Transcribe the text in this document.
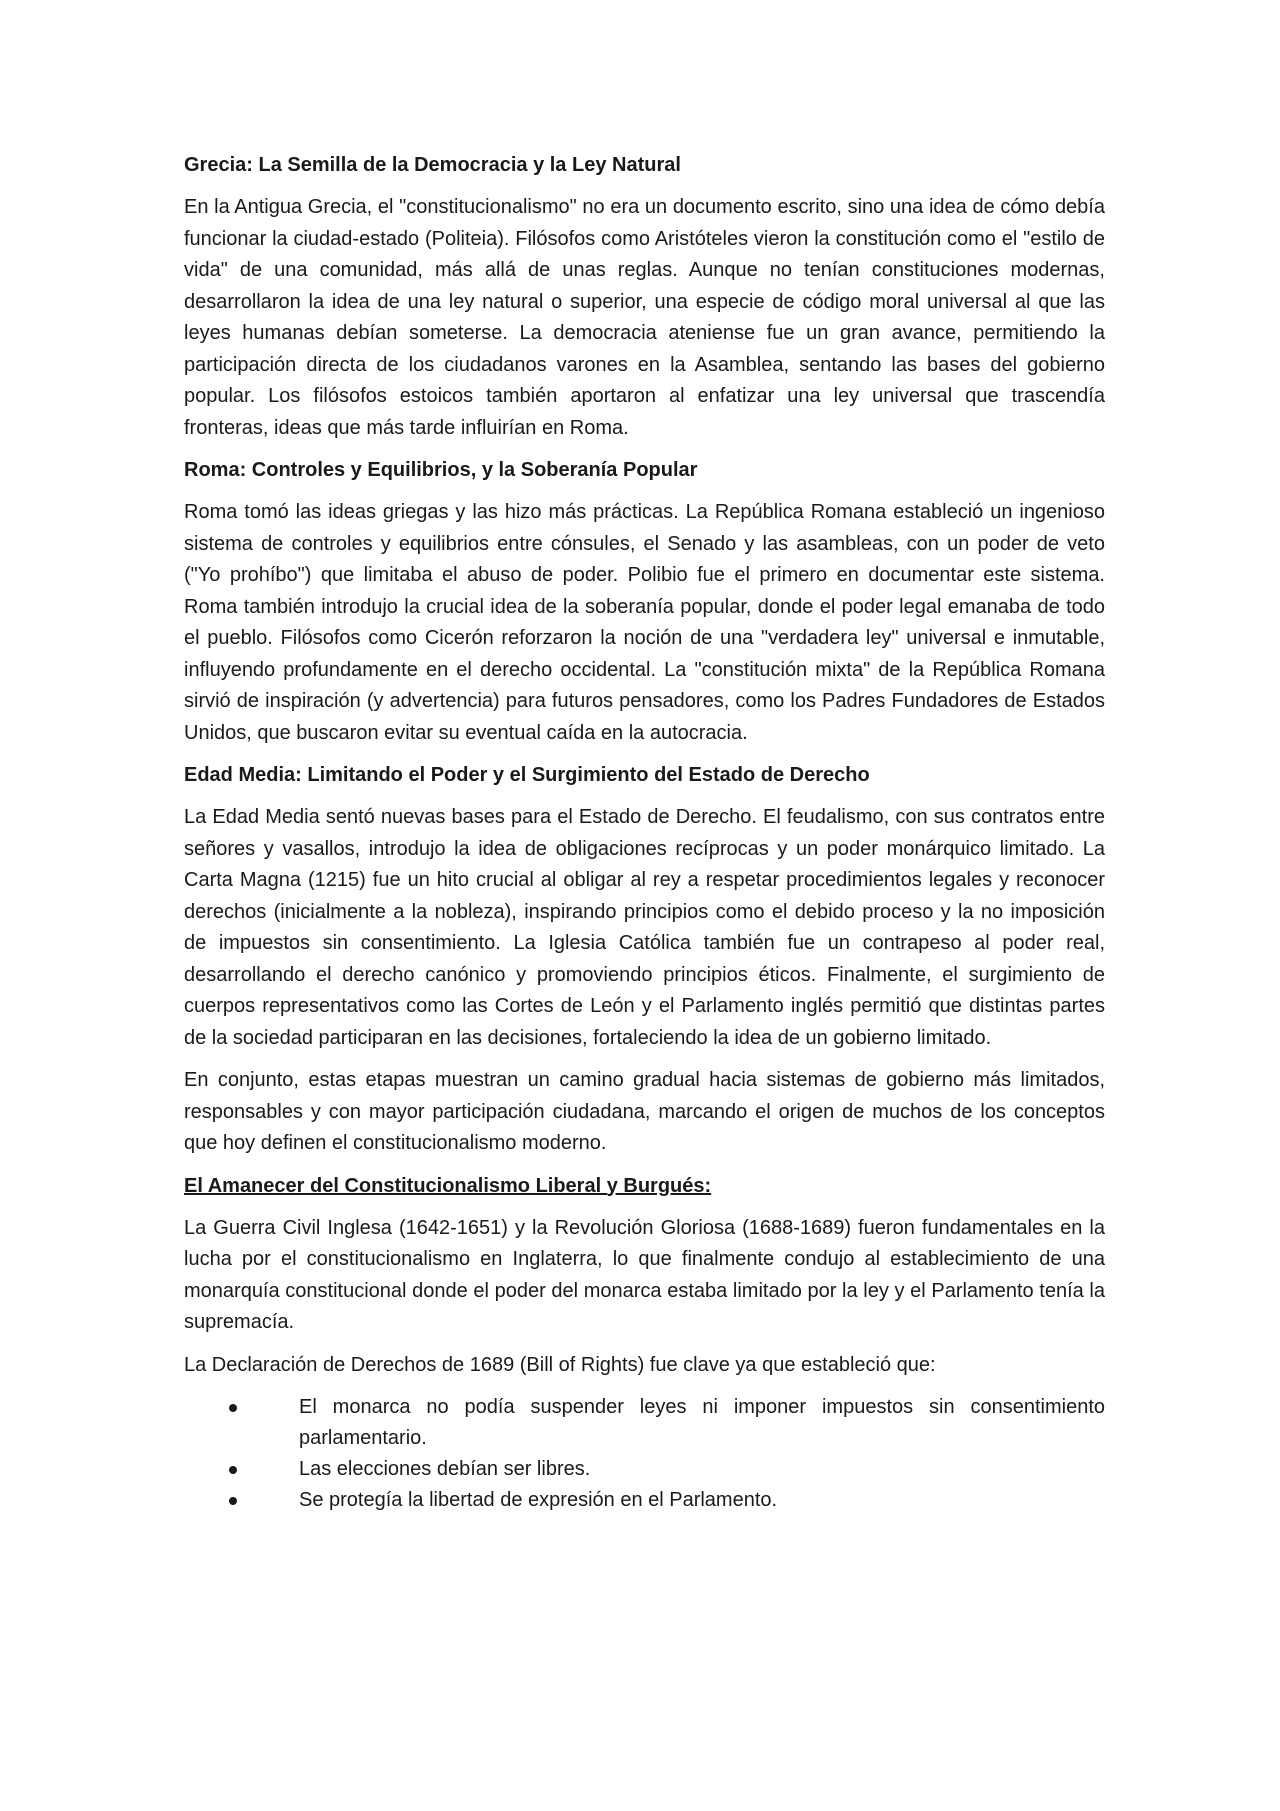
Grecia: La Semilla de la Democracia y la Ley Natural

En la Antigua Grecia, el "constitucionalismo" no era un documento escrito, sino una idea de cómo debía funcionar la ciudad-estado (Politeia). Filósofos como Aristóteles vieron la constitución como el "estilo de vida" de una comunidad, más allá de unas reglas. Aunque no tenían constituciones modernas, desarrollaron la idea de una ley natural o superior, una especie de código moral universal al que las leyes humanas debían someterse. La democracia ateniense fue un gran avance, permitiendo la participación directa de los ciudadanos varones en la Asamblea, sentando las bases del gobierno popular. Los filósofos estoicos también aportaron al enfatizar una ley universal que trascendía fronteras, ideas que más tarde influirían en Roma.

Roma: Controles y Equilibrios, y la Soberanía Popular

Roma tomó las ideas griegas y las hizo más prácticas. La República Romana estableció un ingenioso sistema de controles y equilibrios entre cónsules, el Senado y las asambleas, con un poder de veto ("Yo prohíbo") que limitaba el abuso de poder. Polibio fue el primero en documentar este sistema. Roma también introdujo la crucial idea de la soberanía popular, donde el poder legal emanaba de todo el pueblo. Filósofos como Cicerón reforzaron la noción de una "verdadera ley" universal e inmutable, influyendo profundamente en el derecho occidental. La "constitución mixta" de la República Romana sirvió de inspiración (y advertencia) para futuros pensadores, como los Padres Fundadores de Estados Unidos, que buscaron evitar su eventual caída en la autocracia.

Edad Media: Limitando el Poder y el Surgimiento del Estado de Derecho

La Edad Media sentó nuevas bases para el Estado de Derecho. El feudalismo, con sus contratos entre señores y vasallos, introdujo la idea de obligaciones recíprocas y un poder monárquico limitado. La Carta Magna (1215) fue un hito crucial al obligar al rey a respetar procedimientos legales y reconocer derechos (inicialmente a la nobleza), inspirando principios como el debido proceso y la no imposición de impuestos sin consentimiento. La Iglesia Católica también fue un contrapeso al poder real, desarrollando el derecho canónico y promoviendo principios éticos. Finalmente, el surgimiento de cuerpos representativos como las Cortes de León y el Parlamento inglés permitió que distintas partes de la sociedad participaran en las decisiones, fortaleciendo la idea de un gobierno limitado.

En conjunto, estas etapas muestran un camino gradual hacia sistemas de gobierno más limitados, responsables y con mayor participación ciudadana, marcando el origen de muchos de los conceptos que hoy definen el constitucionalismo moderno.

El Amanecer del Constitucionalismo Liberal y Burgués:

La Guerra Civil Inglesa (1642-1651) y la Revolución Gloriosa (1688-1689) fueron fundamentales en la lucha por el constitucionalismo en Inglaterra, lo que finalmente condujo al establecimiento de una monarquía constitucional donde el poder del monarca estaba limitado por la ley y el Parlamento tenía la supremacía.

La Declaración de Derechos de 1689 (Bill of Rights) fue clave ya que estableció que:

El monarca no podía suspender leyes ni imponer impuestos sin consentimiento parlamentario.
Las elecciones debían ser libres.
Se protegía la libertad de expresión en el Parlamento.
